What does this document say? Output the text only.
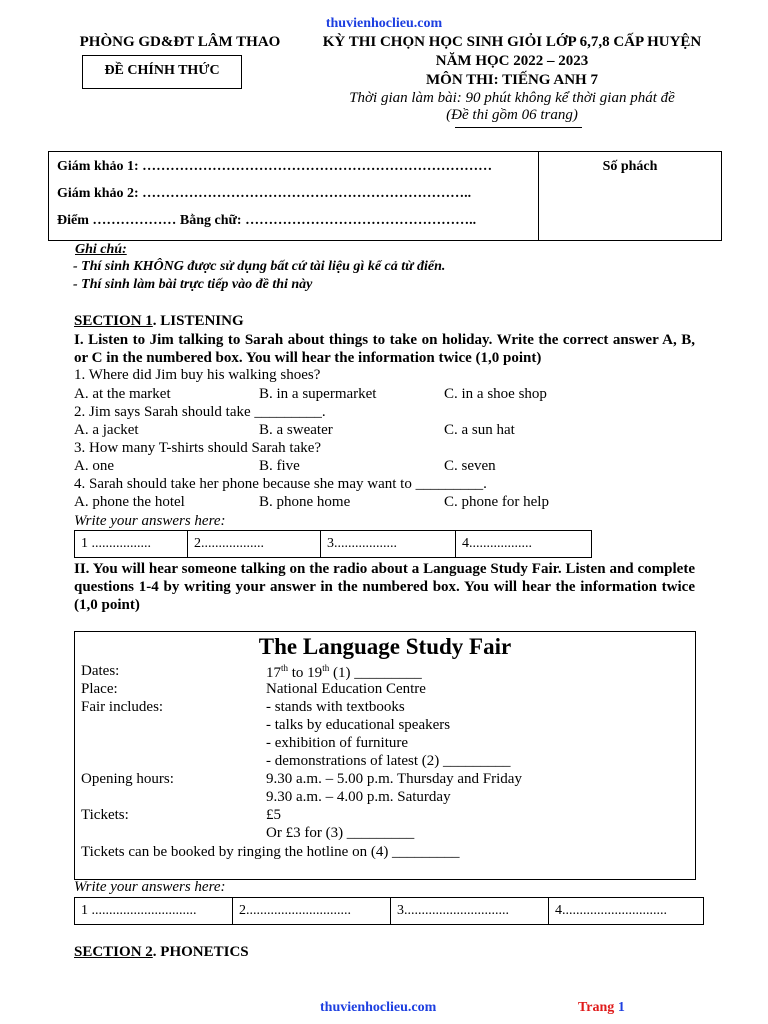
thuvienhoclieu.com
PHÒNG GD&ĐT LÂM THAO
ĐỀ CHÍNH THỨC
KỲ THI CHỌN HỌC SINH GIỎI LỚP 6,7,8 CẤP HUYỆN
NĂM HỌC 2022 – 2023
MÔN THI: TIẾNG ANH 7
Thời gian làm bài: 90 phút không kể thời gian phát đề
(Đề thi gồm 06 trang)
Giám khảo 1: …………………………………………………………………
Giám khảo 2: ……………………………………………………………..
Điểm ……………… Bằng chữ: …………………………………………..
Số phách
Ghi chú:
- Thí sinh KHÔNG được sử dụng bất cứ tài liệu gì kể cả từ điển.
- Thí sinh làm bài trực tiếp vào đề thi này
SECTION 1. LISTENING
I. Listen to Jim talking to Sarah about things to take on holiday. Write the correct answer A, B, or C in the numbered box. You will hear the information twice (1,0 point)
1. Where did Jim buy his walking shoes?
A. at the market	B. in a supermarket	C. in a shoe shop
2. Jim says Sarah should take _________.
A. a jacket	B. a sweater	C. a sun hat
3. How many T-shirts should Sarah take?
A. one	B. five	C. seven
4. Sarah should take her phone because she may want to _________.
A. phone the hotel	B. phone home	C. phone for help
Write your answers here:
1 .................	2..................	3..................	4..................
II. You will hear someone talking on the radio about a Language Study Fair. Listen and complete questions 1-4 by writing your answer in the numbered box. You will hear the information twice (1,0 point)
The Language Study Fair
Dates:	17th to 19th (1) _________
Place:	National Education Centre
Fair includes:	- stands with textbooks
- talks by educational speakers
- exhibition of furniture
- demonstrations of latest (2) _________
Opening hours:	9.30 a.m. – 5.00 p.m. Thursday and Friday
9.30 a.m. – 4.00 p.m. Saturday
Tickets:	£5
Or £3 for (3) _________
Tickets can be booked by ringing the hotline on (4) _________
Write your answers here:
1 ..............................	2..............................	3..............................	4..............................
SECTION 2. PHONETICS
thuvienhoclieu.com	Trang 1
